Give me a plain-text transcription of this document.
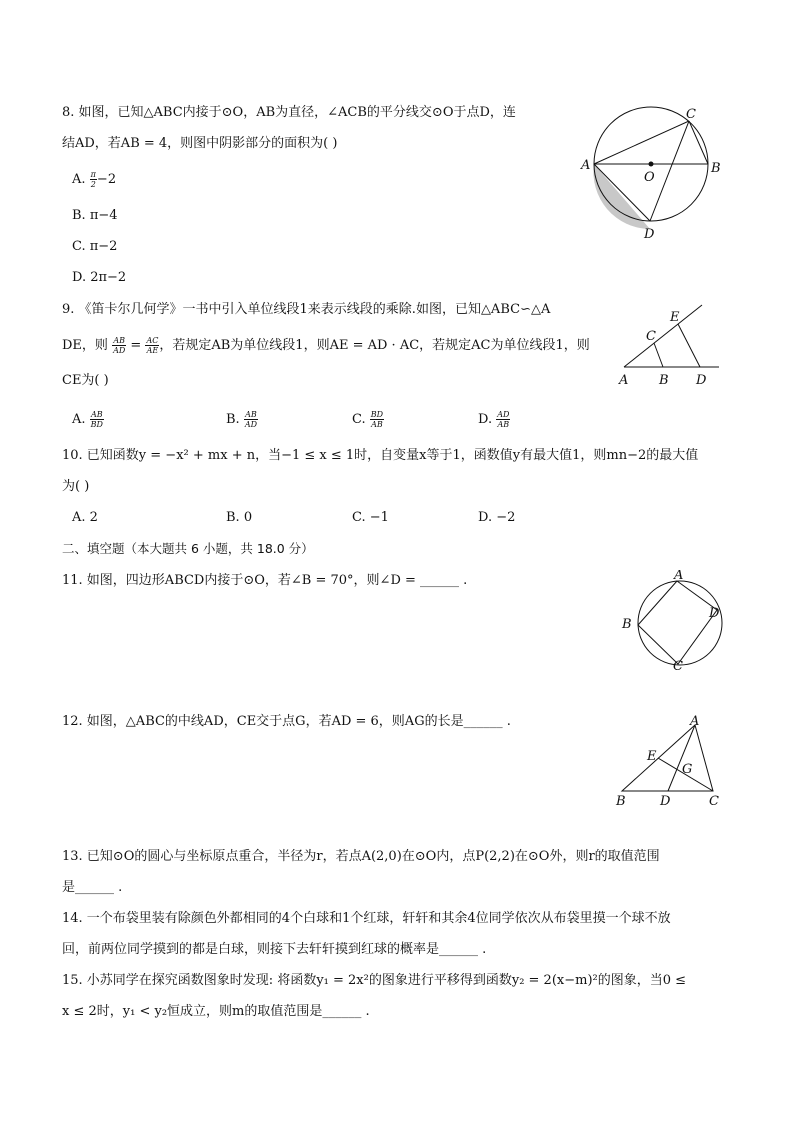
8. 如图，已知△ABC内接于⊙O，AB为直径，∠ACB的平分线交⊙O于点D，连
结AD，若AB = 4，则图中阴影部分的面积为( )
A. $\frac{\pi}{2} -2$
B. π−4
C. π−2
D. 2π−2
A	B
C
D
O
9. 《笛卡尔几何学》一书中引入单位线段1来表示线段的乘除.如图，已知△ABC∽△A
DE，则 $\frac{AB}{AD} = \frac{AC}{AE}$ ，若规定AB为单位线段1，则AE = AD · AC，若规定AC为单位线段1，则
CE为( )
A. $\frac{AB}{BD}$	B. $\frac{AB}{AD}$	C. $\frac{BD}{AB}$	D. $\frac{AD}{AB}$
A B
C
D
E
10. 已知函数y = −x² + mx + n，当−1 ≤ x ≤ 1时，自变量x等于1，函数值y有最大值1，则mn−2的最大值
为( )
A. 2	B. 0	C. −1	D. −2
二、填空题（本大题共 6 小题，共 18.0 分）
11. 如图，四边形ABCD内接于⊙O，若∠B = 70°，则∠D = ______ .	A
B
C
D
12. 如图，△ABC的中线AD，CE交于点G，若AD = 6，则AG的长是______ .	A
B	C
D
E
G
13. 已知⊙O的圆心与坐标原点重合，半径为r，若点A(2,0)在⊙O内，点P(2,2)在⊙O外，则r的取值范围
是______ .
14. 一个布袋里装有除颜色外都相同的4个白球和1个红球，轩轩和其余4位同学依次从布袋里摸一个球不放
回，前两位同学摸到的都是白球，则接下去轩轩摸到红球的概率是______ .
15. 小苏同学在探究函数图象时发现: 将函数y₁ = 2x²的图象进行平移得到函数y₂ = 2(x−m)²的图象，当0 ≤
x ≤ 2时，y₁ < y₂恒成立，则m的取值范围是______ .
